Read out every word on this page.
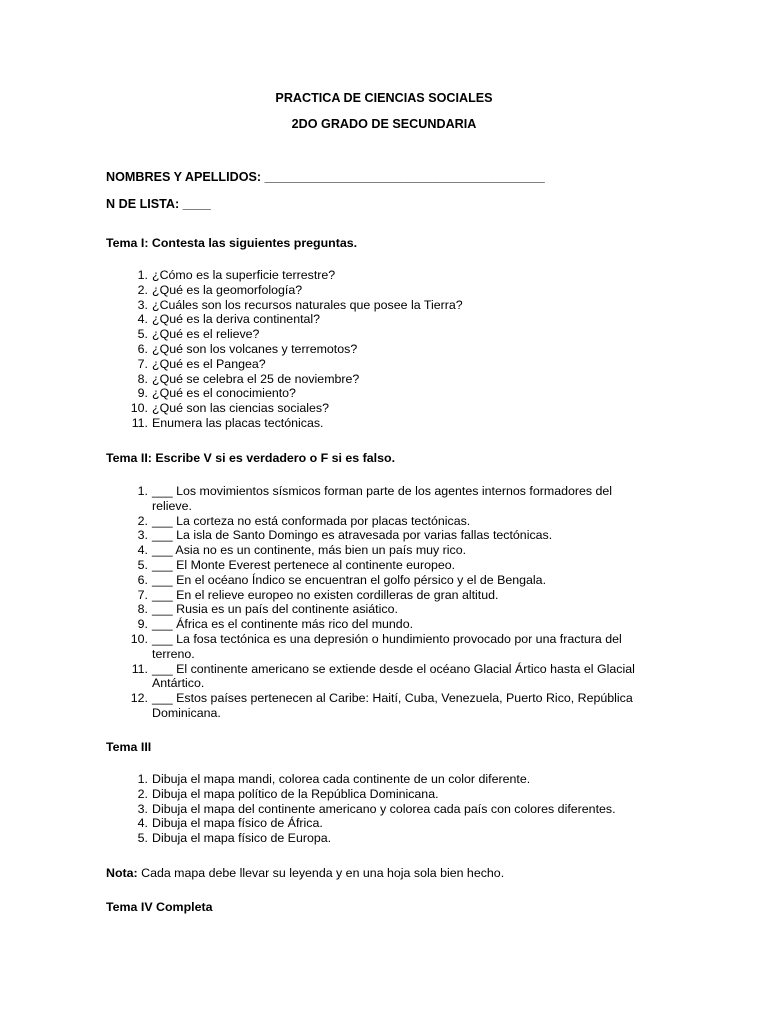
PRACTICA DE CIENCIAS SOCIALES
2DO GRADO DE SECUNDARIA
NOMBRES Y APELLIDOS: ________________________________________
N DE LISTA: ____
Tema I: Contesta las siguientes preguntas.
1. ¿Cómo es la superficie terrestre?
2. ¿Qué es la geomorfología?
3. ¿Cuáles son los recursos naturales que posee la Tierra?
4. ¿Qué es la deriva continental?
5. ¿Qué es el relieve?
6. ¿Qué son los volcanes y terremotos?
7. ¿Qué es el Pangea?
8. ¿Qué se celebra el 25 de noviembre?
9. ¿Qué es el conocimiento?
10. ¿Qué son las ciencias sociales?
11. Enumera las placas tectónicas.
Tema II: Escribe V si es verdadero o F si es falso.
1. ___ Los movimientos sísmicos forman parte de los agentes internos formadores del relieve.
2. ___ La corteza no está conformada por placas tectónicas.
3. ___ La isla de Santo Domingo es atravesada por varias fallas tectónicas.
4. ___ Asia no es un continente, más bien un país muy rico.
5. ___ El Monte Everest pertenece al continente europeo.
6. ___ En el océano Índico se encuentran el golfo pérsico y el de Bengala.
7. ___ En el relieve europeo no existen cordilleras de gran altitud.
8. ___ Rusia es un país del continente asiático.
9. ___ África es el continente más rico del mundo.
10. ___ La fosa tectónica es una depresión o hundimiento provocado por una fractura del terreno.
11. ___ El continente americano se extiende desde el océano Glacial Ártico hasta el Glacial Antártico.
12. ___ Estos países pertenecen al Caribe: Haití, Cuba, Venezuela, Puerto Rico, República Dominicana.
Tema III
1. Dibuja el mapa mandi, colorea cada continente de un color diferente.
2. Dibuja el mapa político de la República Dominicana.
3. Dibuja el mapa del continente americano y colorea cada país con colores diferentes.
4. Dibuja el mapa físico de África.
5. Dibuja el mapa físico de Europa.
Nota: Cada mapa debe llevar su leyenda y en una hoja sola bien hecho.
Tema IV Completa
